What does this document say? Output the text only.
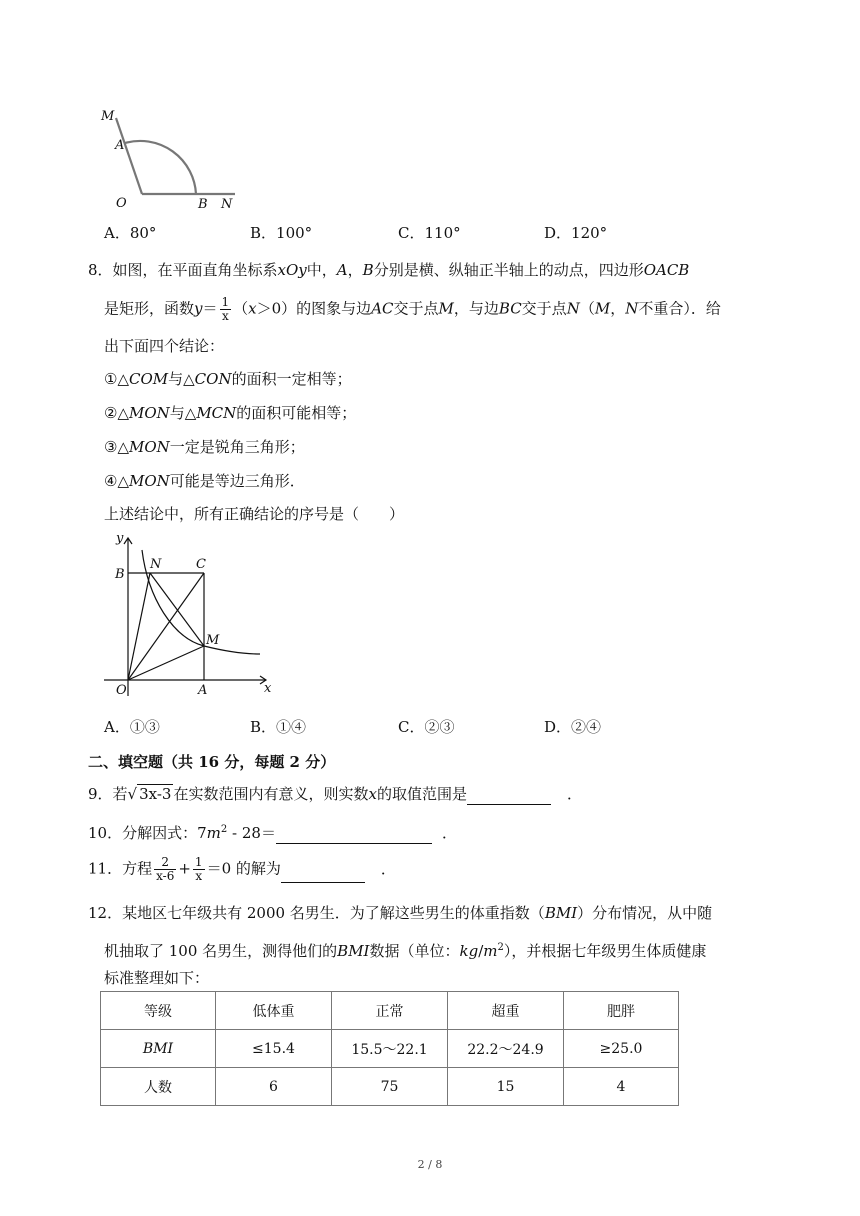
M
A
O	B N
A．80°	B．100°	C．110°	D．120°
8．如图，在平面直角坐标系xOy中，A，B分别是横、纵轴正半轴上的动点，四边形OACB
是矩形，函数$y= \frac{1}{x} (x>0)$的图象与边AC交于点M，与边BC交于点N（M，N不重合）．给
出下面四个结论：
①△COM与△CON的面积一定相等；
②△MON与△MCN的面积可能相等；
③△MON一定是锐角三角形；
④△MON可能是等边三角形．
上述结论中，所有正确结论的序号是（　　）
y
B
N	C
M
O	A	x
A．①③	B．①④	C．②③	D．②④
二、填空题（共 16 分，每题 2 分）
9．若√ 3x-3 在实数范围内有意义，则实数x的取值范围是	．
10．分解因式：$7m^2 - 28=$	．
11．方程 $\frac{2}{x-6} + \frac{1}{x} =0$ 的解为	．
12．某地区七年级共有 2000 名男生．为了解这些男生的体重指数（BMI）分布情况，从中随
机抽取了 100 名男生，测得他们的BMI数据（单位：$kg/m^2$），并根据七年级男生体质健康
标准整理如下：
等级	低体重	正常	超重	肥胖
BMI	≤15.4	15.5～22.1	22.2～24.9	≥25.0
人数	6	75	15	4
2 / 8
